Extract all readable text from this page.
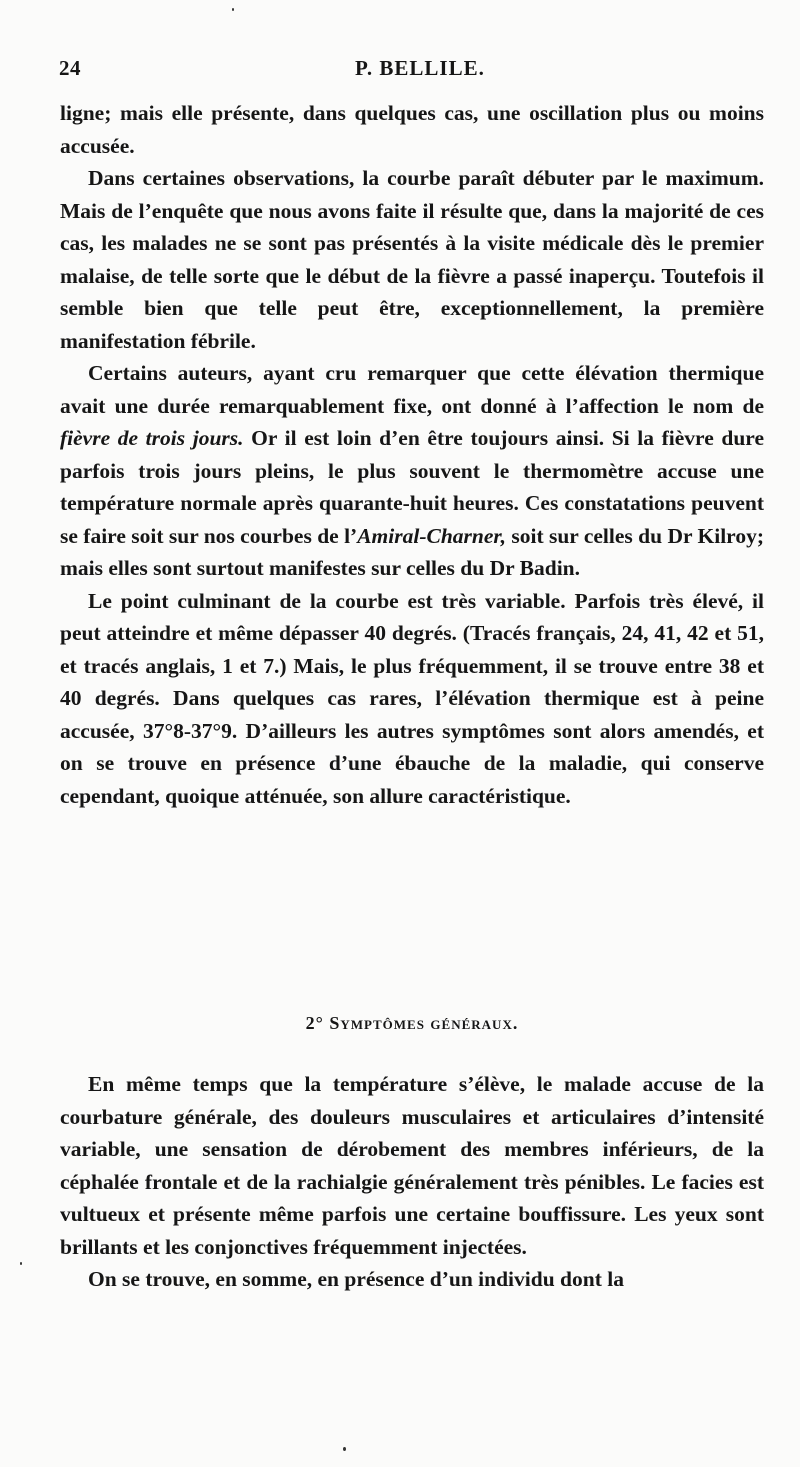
24	P. BELLILE.

ligne; mais elle présente, dans quelques cas, une oscillation plus ou moins accusée.

Dans certaines observations, la courbe paraît débuter par le maximum. Mais de l’enquête que nous avons faite il résulte que, dans la majorité de ces cas, les malades ne se sont pas présentés à la visite médicale dès le premier malaise, de telle sorte que le début de la fièvre a passé inaperçu. Toutefois il semble bien que telle peut être, exceptionnellement, la première manifestation fébrile.

Certains auteurs, ayant cru remarquer que cette élévation thermique avait une durée remarquablement fixe, ont donné à l’affection le nom de fièvre de trois jours. Or il est loin d’en être toujours ainsi. Si la fièvre dure parfois trois jours pleins, le plus souvent le thermomètre accuse une température normale après quarante-huit heures. Ces constatations peuvent se faire soit sur nos courbes de l’Amiral-Charner, soit sur celles du Dr Kilroy; mais elles sont surtout manifestes sur celles du Dr Badin.

Le point culminant de la courbe est très variable. Parfois très élevé, il peut atteindre et même dépasser 40 degrés. (Tracés français, 24, 41, 42 et 51, et tracés anglais, 1 et 7.) Mais, le plus fréquemment, il se trouve entre 38 et 40 degrés. Dans quelques cas rares, l’élévation thermique est à peine accusée, 37°8-37°9. D’ailleurs les autres symptômes sont alors amendés, et on se trouve en présence d’une ébauche de la maladie, qui conserve cependant, quoique atténuée, son allure caractéristique.

2° Symptômes généraux.

En même temps que la température s’élève, le malade accuse de la courbature générale, des douleurs musculaires et articulaires d’intensité variable, une sensation de dérobement des membres inférieurs, de la céphalée frontale et de la rachialgie généralement très pénibles. Le facies est vultueux et présente même parfois une certaine bouffissure. Les yeux sont brillants et les conjonctives fréquemment injectées.

On se trouve, en somme, en présence d’un individu dont la
